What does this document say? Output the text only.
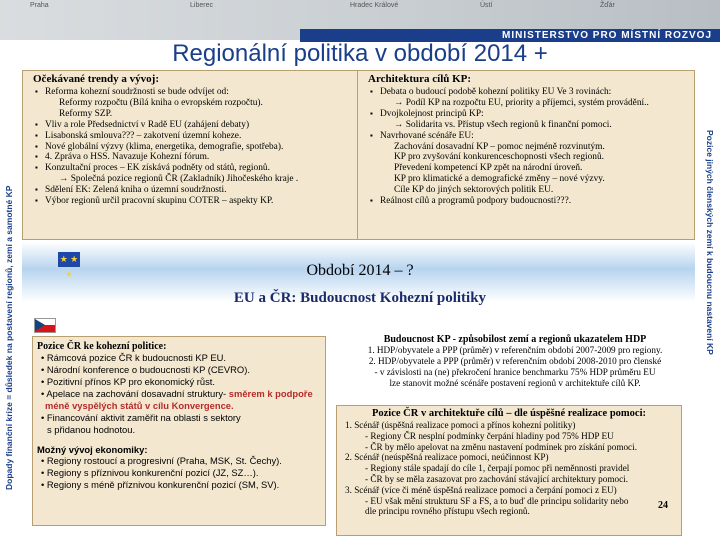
Praha	Liberec	Hradec Králové	Ústí	Žďár
MINISTERSTVO PRO MÍSTNÍ ROZVOJ
Regionální politika v období 2014 +
Dopady finanční krize = důsledek na postavení regionů, zemí a samotné KP	Pozice jiných členských zemí k budoucnu nastavení KP
Očekávané trendy a vývoj:
▪ Reforma kohezní soudržnosti se bude odvíjet od:
Reformy rozpočtu (Bílá kniha o evropském rozpočtu).
Reformy SZP.
▪ Vliv a role Předsednictví v Radě EU (zahájení debaty)
▪ Lisabonská smlouva??? – zakotvení územní koheze.
▪ Nové globální výzvy (klima, energetika, demografie, spotřeba).
▪ 4. Zpráva o HSS. Navazuje Kohezní fórum.
▪ Konzultační proces – EK získává podněty od států, regionů.
→ Společná pozice regionů ČR (Zakladník) Jihočeského kraje .
▪ Sdělení EK: Zelená kniha o územní soudržnosti.
▪ Výbor regionů určil pracovní skupinu COTER – aspekty KP.
Architektura cílů KP:
▪ Debata o budoucí podobě kohezní politiky EU Ve 3 rovinách:
→ Podíl KP na rozpočtu EU, priority a příjemci, systém provádění..
▪ Dvojkolejnost principů KP:
→ Solidarita vs. Přístup všech regionů k finanční pomoci.
▪ Navrhované scénáře EU:
Zachování dosavadní KP – pomoc nejméně rozvinutým.
KP pro zvyšování konkurenceschopnosti všech regionů.
Převedení kompetencí KP zpět na národní úroveň.
KP pro klimatické a demografické změny – nové výzvy.
Cíle KP do jiných sektorových politik EU.
▪ Reálnost cílů a programů podpory budoucnosti???.
★ ★ ★	Období 2014 – ?
EU a ČR: Budoucnost Kohezní politiky
Pozice ČR ke kohezní politice:
• Rámcová pozice ČR k budoucnosti KP EU.
• Národní konference o budoucnosti KP (CEVRO).
• Pozitivní přínos KP pro ekonomický růst.
• Apelace na zachování dosavadní struktury- směrem k podpoře méně vyspělých států v cílu Konvergence.
• Financování aktivit zaměřit na oblasti s sektory
s přidanou hodnotou.
Možný vývoj ekonomiky:
• Regiony rostoucí a progresivní (Praha, MSK, St. Čechy).
• Regiony s příznivou konkurenční pozicí (JZ, SZ…).
• Regiony s méně příznivou konkurenční pozicí (SM, SV).
Budoucnost KP - způsobilost zemí a regionů ukazatelem HDP
1. HDP/obyvatele a PPP (průměr) v referenčním období 2007-2009 pro regiony.
2. HDP/obyvatele a PPP (průměr) v referenčním období 2008-2010 pro členské
- v závislosti na (ne) překročení hranice benchmarku 75% HDP průměru EU
lze stanovit možné scénáře postavení regionů v architektuře cílů KP.
Pozice ČR v architektuře cílů – dle úspěšné realizace pomoci:
1. Scénář (úspěšná realizace pomoci a přínos kohezní politiky)
- Regiony ČR nesplní podmínky čerpání hladiny pod 75% HDP EU
- ČR by mělo apelovat na změnu nastavení podmínek pro získání pomoci.
2. Scénář (neúspěšná realizace pomoci, neúčinnost KP)
- Regiony stále spadají do cíle 1, čerpají pomoc při neměnnosti pravidel
- ČR by se měla zasazovat pro zachování stávající architektury pomoci.
3. Scénář (více či méně úspěšná realizace pomoci a čerpání pomoci z EU)
- EU však mění strukturu SF a FS, a to buď dle principu solidarity nebo
dle principu rovného přístupu všech regionů.
24
